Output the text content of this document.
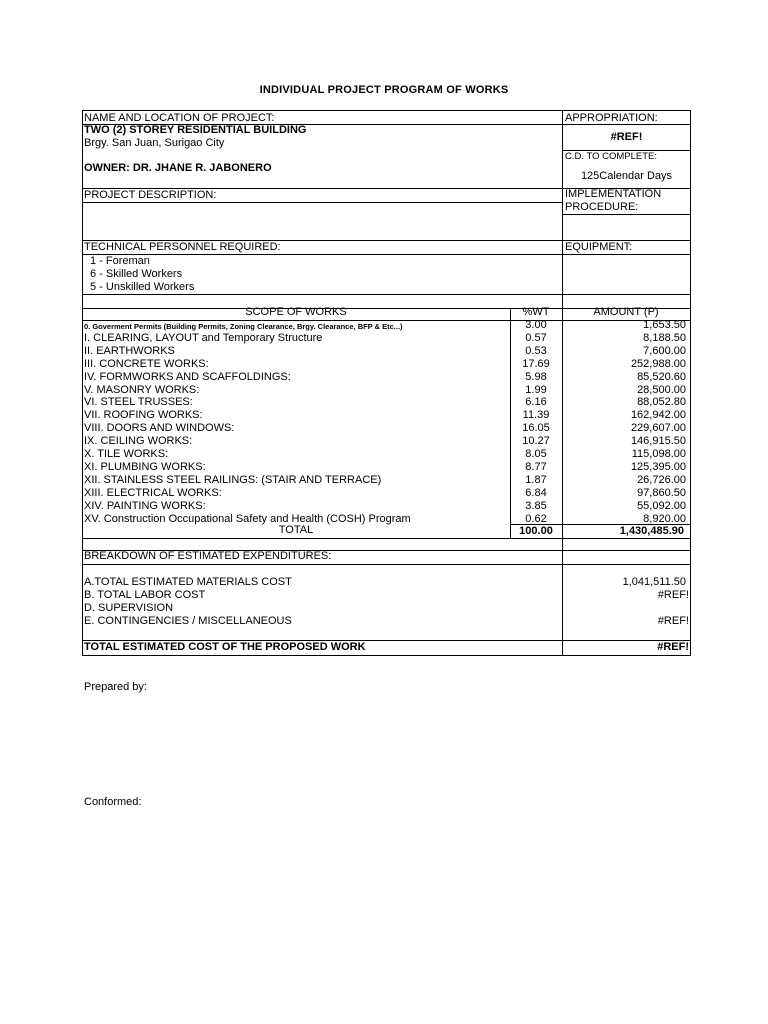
INDIVIDUAL PROJECT PROGRAM OF WORKS
NAME AND LOCATION OF PROJECT:	APPROPRIATION:
TWO (2) STOREY RESIDENTIAL BUILDING
Brgy. San Juan, Surigao City	#REF!
C.D. TO COMPLETE:
OWNER: DR. JHANE R. JABONERO
125Calendar Days
PROJECT DESCRIPTION:	IMPLEMENTATION
PROCEDURE:
TECHNICAL PERSONNEL REQUIRED:	EQUIPMENT:
1 - Foreman
6 - Skilled Workers
5 - Unskilled Workers
SCOPE OF WORKS	%WT	AMOUNT (P)
0. Goverment Permits (Building Permits, Zoning Clearance, Brgy. Clearance, BFP & Etc...)	3.00	1,653.50
I. CLEARING, LAYOUT and Temporary Structure	0.57	8,188.50
II. EARTHWORKS	0.53	7,600.00
III. CONCRETE WORKS:	17.69	252,988.00
IV. FORMWORKS AND SCAFFOLDINGS:	5.98	85,520.60
V. MASONRY WORKS:	1.99	28,500.00
VI. STEEL TRUSSES:	6.16	88,052.80
VII. ROOFING WORKS:	11.39	162,942.00
VIII. DOORS AND WINDOWS:	16.05	229,607.00
IX. CEILING WORKS:	10.27	146,915.50
X. TILE WORKS:	8.05	115,098.00
XI. PLUMBING WORKS:	8.77	125,395.00
XII. STAINLESS STEEL RAILINGS: (STAIR AND TERRACE)	1.87	26,726.00
XIII. ELECTRICAL WORKS:	6.84	97,860.50
XIV. PAINTING WORKS:	3.85	55,092.00
XV. Construction Occupational Safety and Health (COSH) Program	0.62	8,920.00
TOTAL	100.00	1,430,485.90
BREAKDOWN OF ESTIMATED EXPENDITURES:
A.TOTAL ESTIMATED MATERIALS COST	1,041,511.50
B. TOTAL LABOR COST	#REF!
D. SUPERVISION
E. CONTINGENCIES / MISCELLANEOUS	#REF!
TOTAL ESTIMATED COST OF THE PROPOSED WORK	#REF!
Prepared by:
Conformed:
